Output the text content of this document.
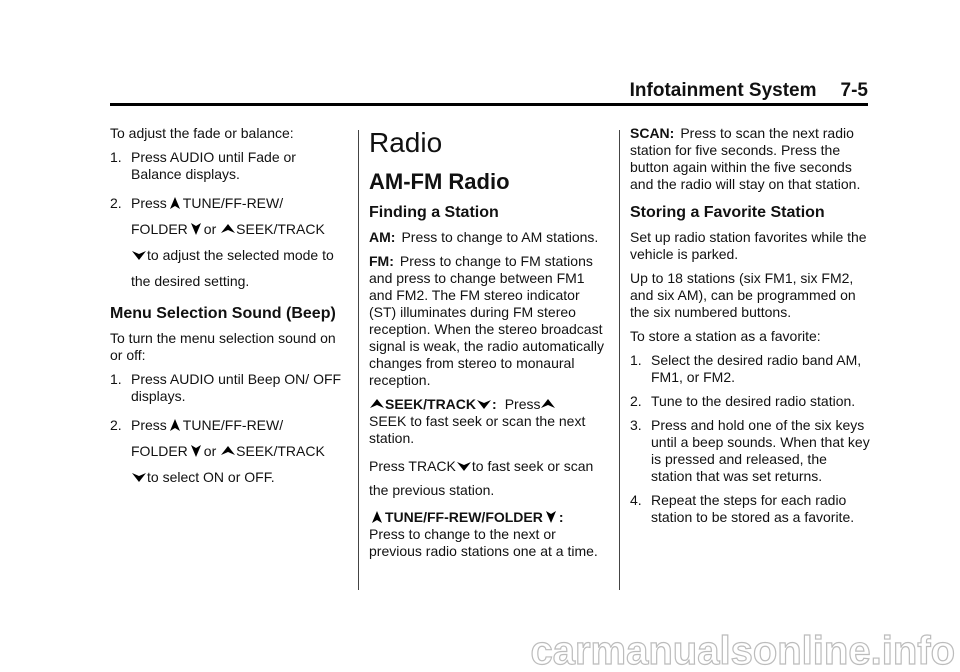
Infotainment System 7-5

To adjust the fade or balance:

1. Press AUDIO until Fade or Balance displays.
2. Press TUNE/FF-REW/
FOLDER or SEEK/TRACK

to adjust the selected mode to the desired setting.
Menu Selection Sound (Beep)

To turn the menu selection sound on or off:

1. Press AUDIO until Beep ON/ OFF displays.
2. Press TUNE/FF-REW/
FOLDER or SEEK/TRACK

to select ON or OFF.
Radio
AM-FM Radio
Finding a Station

AM: Press to change to AM stations.

FM: Press to change to FM stations and press to change between FM1 and FM2. The FM stereo indicator (ST) illuminates during FM stereo reception. When the stereo broadcast signal is weak, the radio automatically changes from stereo to monaural reception.

SEEK/TRACK : Press

SEEK to fast seek or scan the next station.

Press TRACK to fast seek or scan the previous station.

TUNE/FF-REW/FOLDER :
Press to change to the next or previous radio stations one at a time.

SCAN: Press to scan the next radio station for five seconds. Press the button again within the five seconds and the radio will stay on that station.

Storing a Favorite Station

Set up radio station favorites while the vehicle is parked.

Up to 18 stations (six FM1, six FM2, and six AM), can be programmed on the six numbered buttons.

To store a station as a favorite:

1. Select the desired radio band AM, FM1, or FM2.
2. Tune to the desired radio station.
3. Press and hold one of the six keys until a beep sounds. When that key is pressed and released, the station that was set returns.
4. Repeat the steps for each radio station to be stored as a favorite.
carmanualsonline.info
